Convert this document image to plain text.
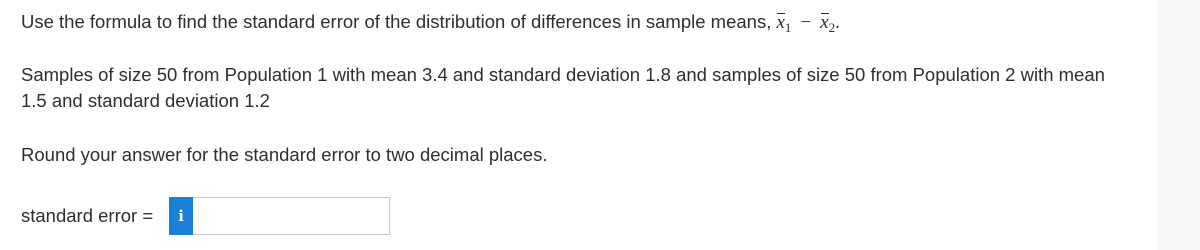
Use the formula to find the standard error of the distribution of differences in sample means, $x_1 - x_2$.
Samples of size 50 from Population 1 with mean 3.4 and standard deviation 1.8 and samples of size 50 from Population 2 with mean
1.5 and standard deviation 1.2
Round your answer for the standard error to two decimal places.
standard error = i
